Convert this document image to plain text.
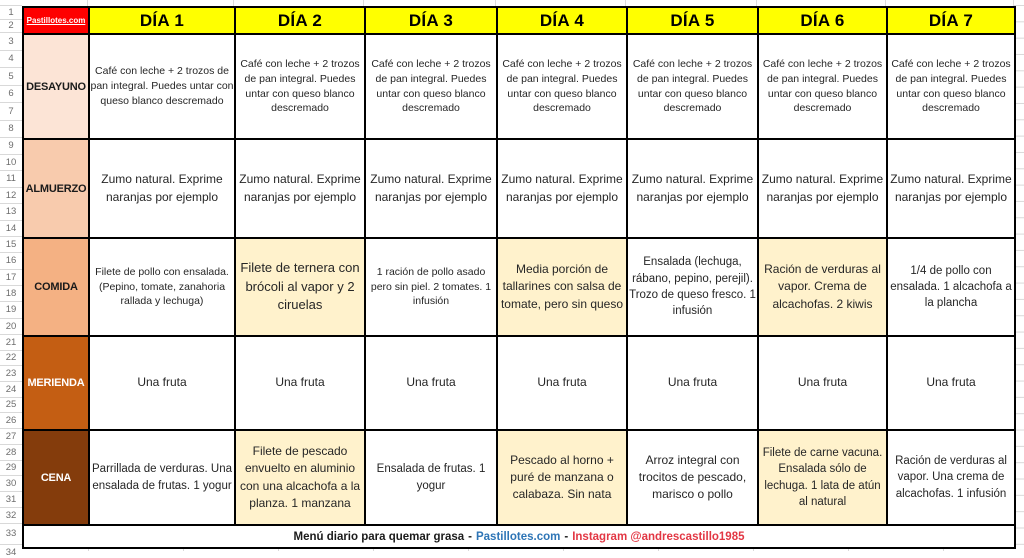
1
2
3
4
5
6
7
8
9
10
11
12
13
14
15
16
17
18
19
20
21
22
23
24
25
26
27
28
29
30
31
32
33
34
Pastillotes.com	DÍA 1	DÍA 2	DÍA 3	DÍA 4	DÍA 5	DÍA 6	DÍA 7
DESAYUNO	Café con leche + 2 trozos de pan integral. Puedes untar con queso blanco descremado	Café con leche + 2 trozos de pan integral. Puedes untar con queso blanco descremado	Café con leche + 2 trozos de pan integral. Puedes untar con queso blanco descremado	Café con leche + 2 trozos de pan integral. Puedes untar con queso blanco descremado	Café con leche + 2 trozos de pan integral. Puedes untar con queso blanco descremado	Café con leche + 2 trozos de pan integral. Puedes untar con queso blanco descremado	Café con leche + 2 trozos de pan integral. Puedes untar con queso blanco descremado
ALMUERZO	Zumo natural. Exprime naranjas por ejemplo	Zumo natural. Exprime naranjas por ejemplo	Zumo natural. Exprime naranjas por ejemplo	Zumo natural. Exprime naranjas por ejemplo	Zumo natural. Exprime naranjas por ejemplo	Zumo natural. Exprime naranjas por ejemplo	Zumo natural. Exprime naranjas por ejemplo
COMIDA	Filete de pollo con ensalada. (Pepino, tomate, zanahoria rallada y lechuga)	Filete de ternera con brócoli al vapor y 2 ciruelas	1 ración de pollo asado pero sin piel. 2 tomates. 1 infusión	Media porción de tallarines con salsa de tomate, pero sin queso	Ensalada (lechuga, rábano, pepino, perejil). Trozo de queso fresco. 1 infusión	Ración de verduras al vapor. Crema de alcachofas. 2 kiwis	1/4 de pollo con ensalada. 1 alcachofa a la plancha
MERIENDA	Una fruta	Una fruta	Una fruta	Una fruta	Una fruta	Una fruta	Una fruta
CENA	Parrillada de verduras. Una ensalada de frutas. 1 yogur	Filete de pescado envuelto en aluminio con una alcachofa a la planza. 1 manzana	Ensalada de frutas. 1 yogur	Pescado al horno + puré de manzana o calabaza. Sin nata	Arroz integral con trocitos de pescado, marisco o pollo	Filete de carne vacuna. Ensalada sólo de lechuga. 1 lata de atún al natural	Ración de verduras al vapor. Una crema de alcachofas. 1 infusión

Menú diario para quemar grasa - Pastillotes.com - Instagram @andrescastillo1985							
